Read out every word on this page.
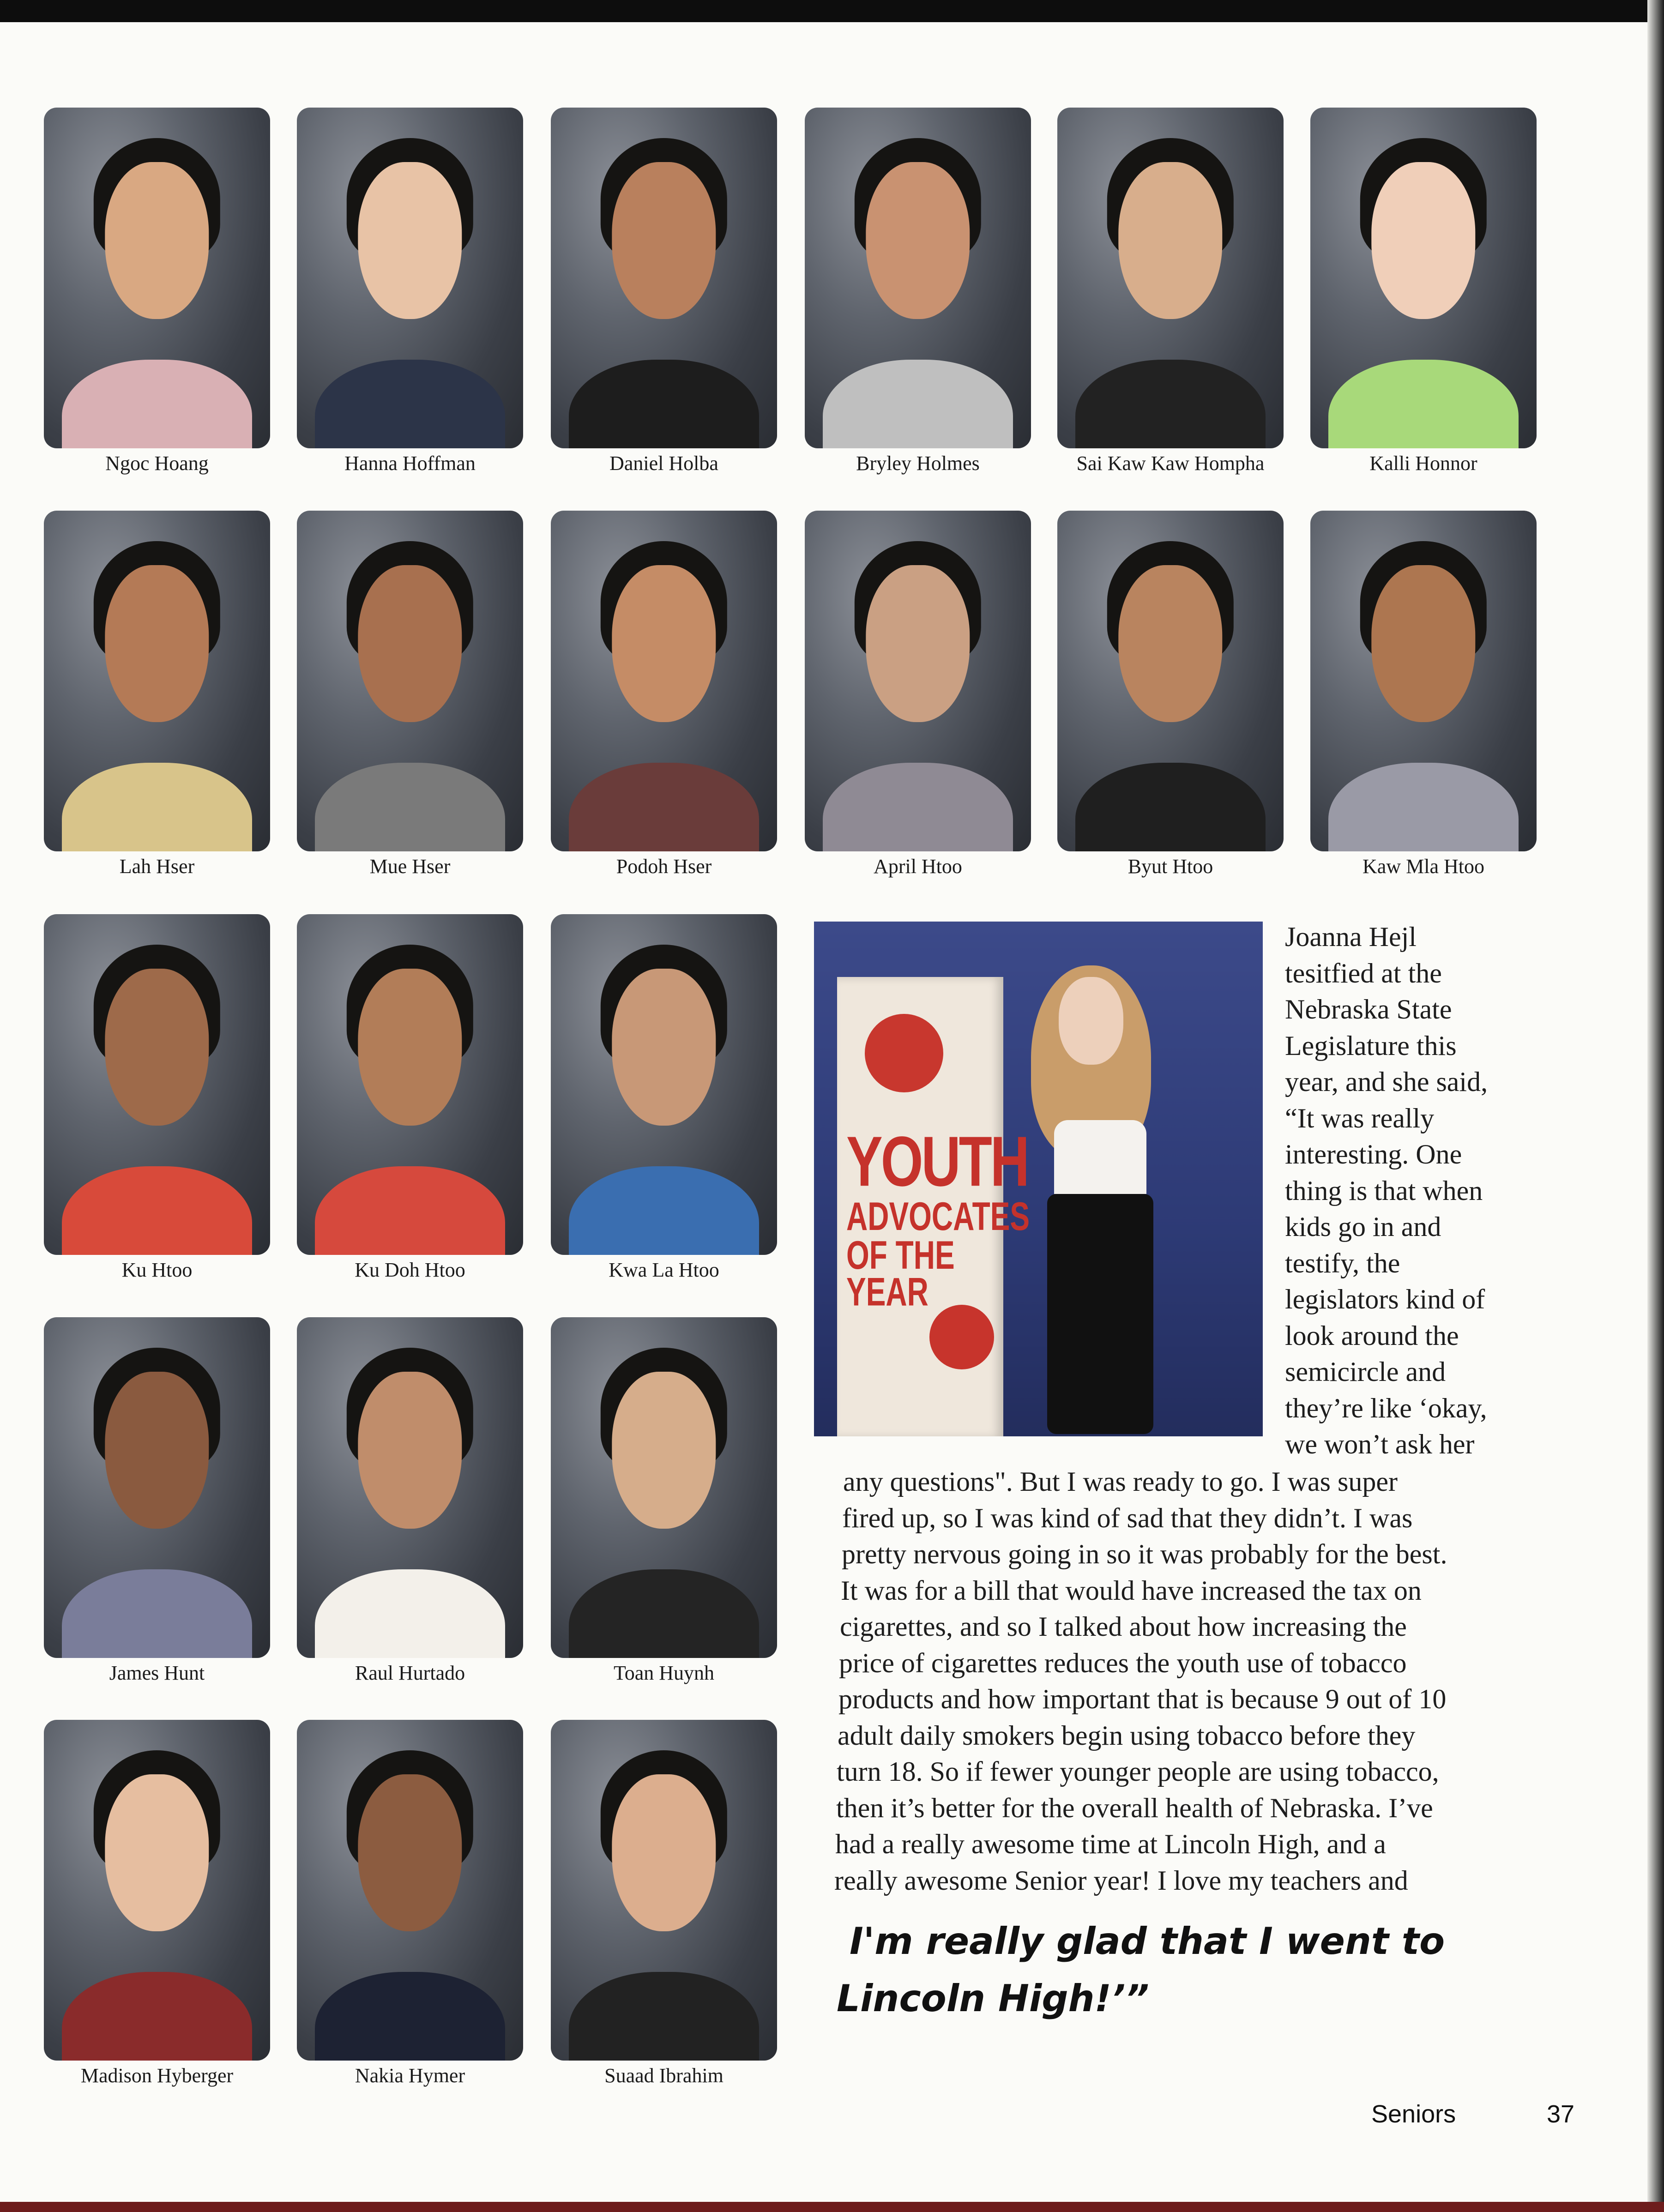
Ngoc Hoang	Hanna Hoffman	Daniel Holba	Bryley Holmes	Sai Kaw Kaw Hompha	Kalli Honnor
Lah Hser	Mue Hser	Podoh Hser	April Htoo	Byut Htoo	Kaw Mla Htoo
Ku Htoo	Ku Doh Htoo	Kwa La Htoo
James Hunt	Raul Hurtado	Toan Huynh
Madison Hyberger	Nakia Hymer	Suaad Ibrahim
YOUTH
ADVOCATES
OF THE YEAR
Joanna Hejl
tesitfied at the
Nebraska State
Legislature this
year, and she said,
“It was really
interesting. One
thing is that when
kids go in and
testify, the
legislators kind of
look around the
semicircle and
they’re like ‘okay,
we won’t ask her
any questions". But I was ready to go. I was super
fired up, so I was kind of sad that they didn’t. I was
pretty nervous going in so it was probably for the best.
It was for a bill that would have increased the tax on
cigarettes, and so I talked about how increasing the
price of cigarettes reduces the youth use of tobacco
products and how important that is because 9 out of 10
adult daily smokers begin using tobacco before they
turn 18. So if fewer younger people are using tobacco,
then it’s better for the overall health of Nebraska. I’ve
had a really awesome time at Lincoln High, and a
really awesome Senior year! I love my teachers and
I'm really glad that I went to
Lincoln High!’”
Seniors	37
